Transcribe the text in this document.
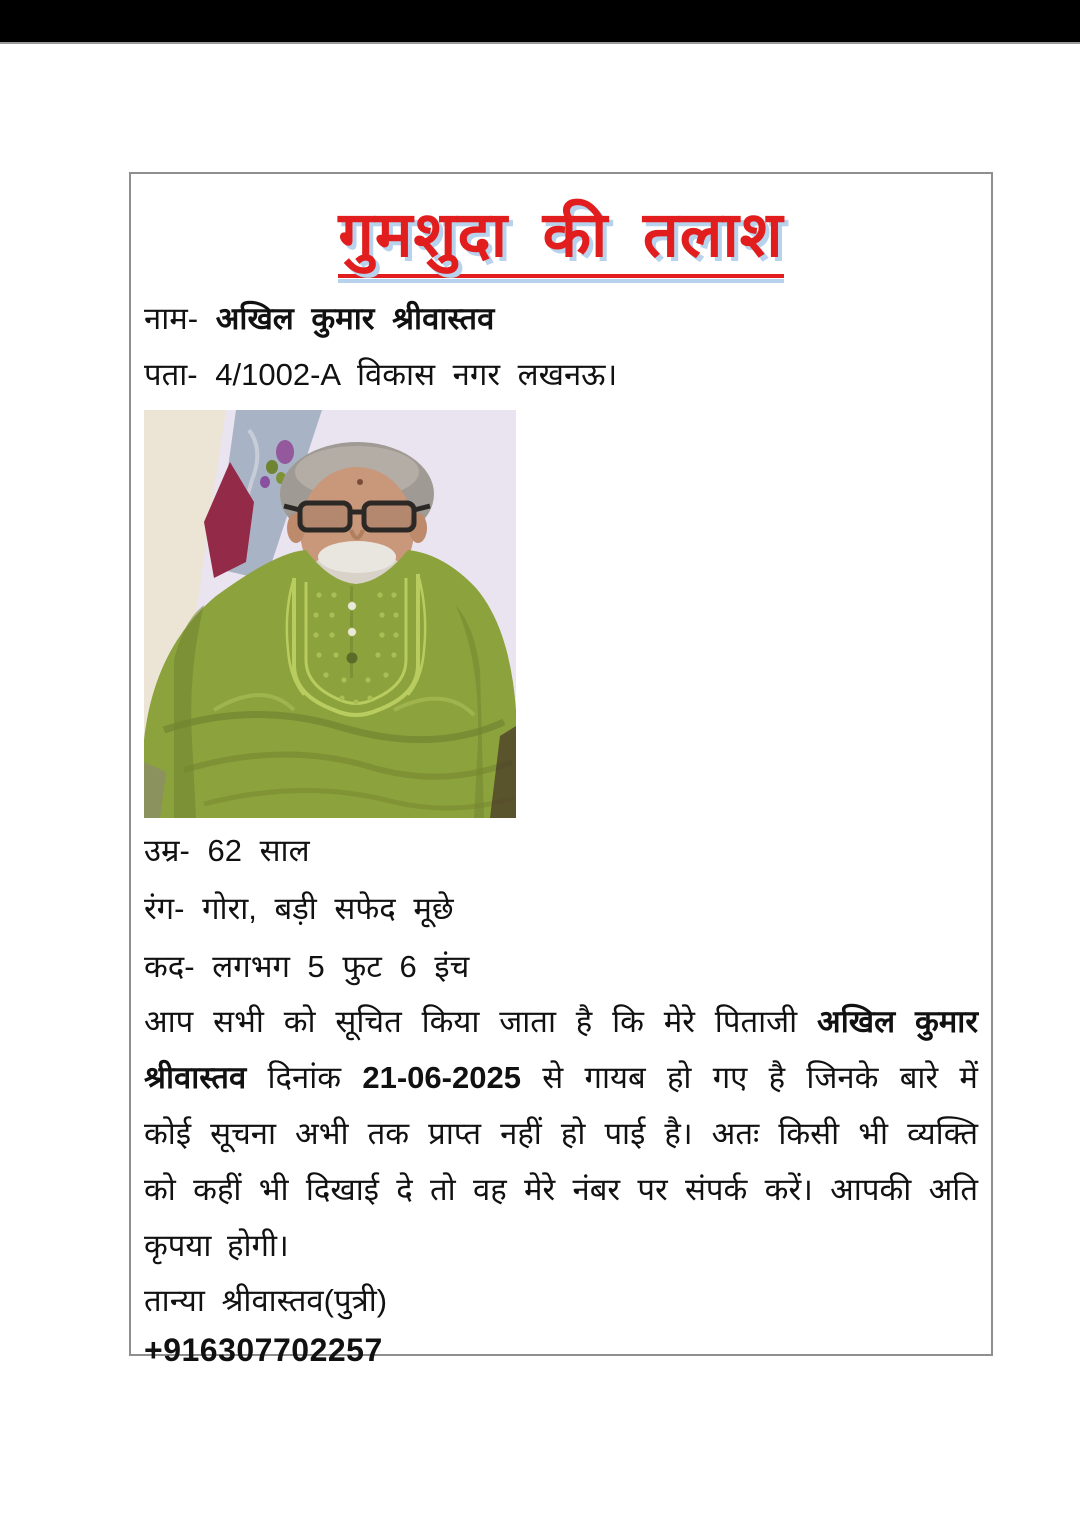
गुमशुदा की तलाश
नाम- अखिल कुमार श्रीवास्तव
पता- 4/1002-A विकास नगर लखनऊ।
उम्र- 62 साल
रंग- गोरा, बड़ी सफेद मूछे
कद- लगभग 5 फुट 6 इंच
आप सभी को सूचित किया जाता है कि मेरे पिताजी अखिल कुमार श्रीवास्तव दिनांक 21-06-2025 से गायब हो गए है जिनके बारे में कोई सूचना अभी तक प्राप्त नहीं हो पाई है। अतः किसी भी व्यक्ति को कहीं भी दिखाई दे तो वह मेरे नंबर पर संपर्क करें। आपकी अति कृपया होगी।
तान्या श्रीवास्तव(पुत्री)
+916307702257
